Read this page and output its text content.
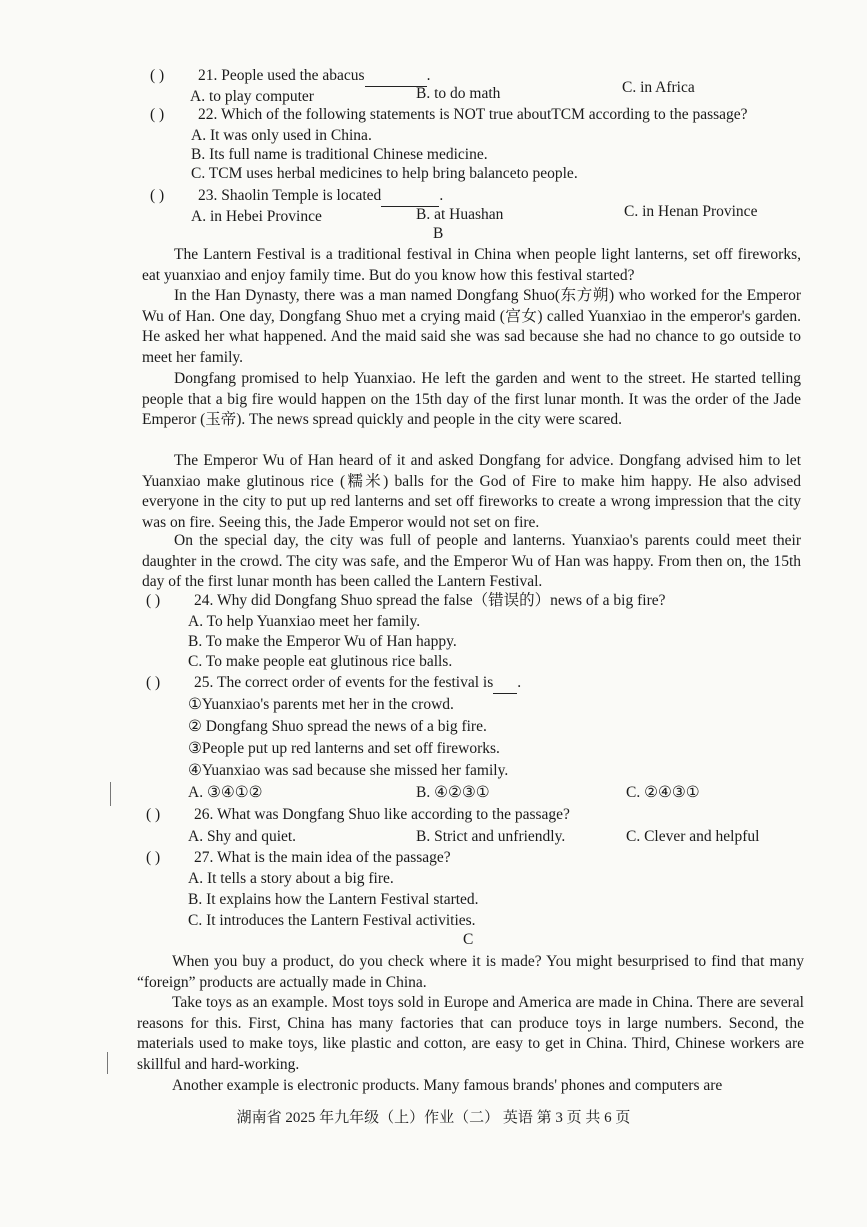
( ) 21. People used the abacus	.
A. to play computer	B. to do math	C. in Africa
( ) 22. Which of the following statements is NOT true aboutTCM according to the passage?
A. It was only used in China.
B. Its full name is traditional Chinese medicine.
C. TCM uses herbal medicines to help bring balanceto people.
( ) 23. Shaolin Temple is located	.
A. in Hebei Province	B. at Huashan	C. in Henan Province
B
The Lantern Festival is a traditional festival in China when people light lanterns, set off fireworks, eat yuanxiao and enjoy family time. But do you know how this festival started?
In the Han Dynasty, there was a man named Dongfang Shuo(东方朔) who worked for the Emperor Wu of Han. One day, Dongfang Shuo met a crying maid (宫女) called Yuanxiao in the emperor's garden. He asked her what happened. And the maid said she was sad because she had no chance to go outside to meet her family.
Dongfang promised to help Yuanxiao. He left the garden and went to the street. He started telling people that a big fire would happen on the 15th day of the first lunar month. It was the order of the Jade Emperor (玉帝). The news spread quickly and people in the city were scared.
The Emperor Wu of Han heard of it and asked Dongfang for advice. Dongfang advised him to let Yuanxiao make glutinous rice (糯米) balls for the God of Fire to make him happy. He also advised everyone in the city to put up red lanterns and set off fireworks to create a wrong impression that the city was on fire. Seeing this, the Jade Emperor would not set on fire.
On the special day, the city was full of people and lanterns. Yuanxiao's parents could meet their daughter in the crowd. The city was safe, and the Emperor Wu of Han was happy. From then on, the 15th day of the first lunar month has been called the Lantern Festival.
( ) 24. Why did Dongfang Shuo spread the false（错误的）news of a big fire?
A. To help Yuanxiao meet her family.
B. To make the Emperor Wu of Han happy.
C. To make people eat glutinous rice balls.
( ) 25. The correct order of events for the festival is .
①Yuanxiao's parents met her in the crowd.
② Dongfang Shuo spread the news of a big fire.
③People put up red lanterns and set off fireworks.
④Yuanxiao was sad because she missed her family.
A. ③④①②	B. ④②③①	C. ②④③①
( ) 26. What was Dongfang Shuo like according to the passage?
A. Shy and quiet.	B. Strict and unfriendly.	C. Clever and helpful
( ) 27. What is the main idea of the passage?
A. It tells a story about a big fire.
B. It explains how the Lantern Festival started.
C. It introduces the Lantern Festival activities.
C
When you buy a product, do you check where it is made? You might besurprised to find that many “foreign” products are actually made in China.
Take toys as an example. Most toys sold in Europe and America are made in China. There are several reasons for this. First, China has many factories that can produce toys in large numbers. Second, the materials used to make toys, like plastic and cotton, are easy to get in China. Third, Chinese workers are skillful and hard-working.
Another example is electronic products. Many famous brands' phones and computers are
湖南省 2025 年九年级（上）作业（二） 英语 第 3 页 共 6 页
